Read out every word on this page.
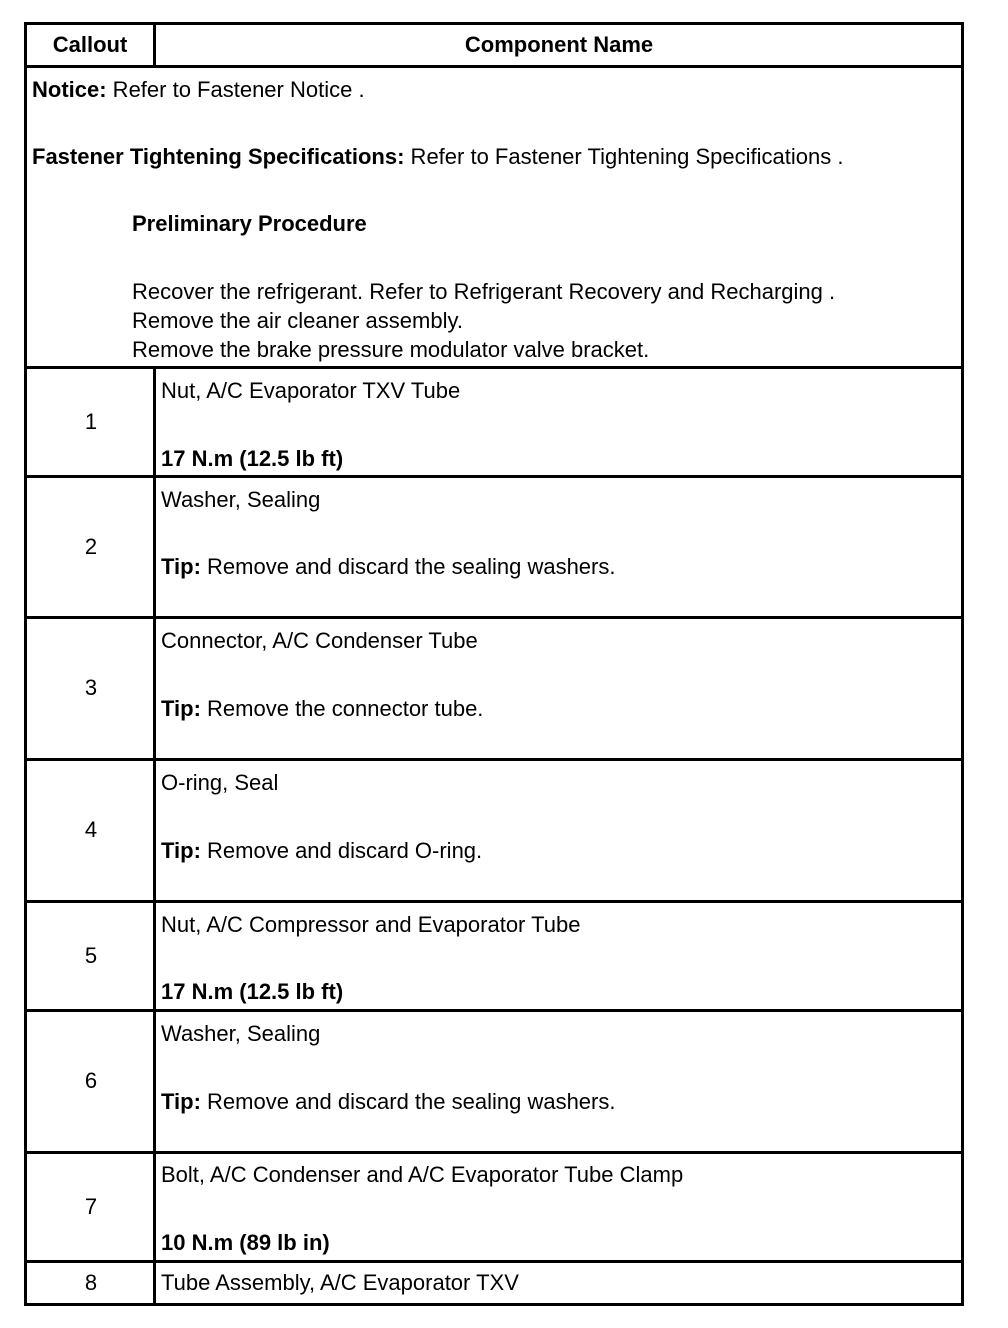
Callout	Component Name
Notice: Refer to Fastener Notice .
Fastener Tightening Specifications: Refer to Fastener Tightening Specifications .
Preliminary Procedure
Recover the refrigerant. Refer to Refrigerant Recovery and Recharging .
Remove the air cleaner assembly.
Remove the brake pressure modulator valve bracket.
1
Nut, A/C Evaporator TXV Tube
17 N.m (12.5 lb ft)
2
Washer, Sealing
Tip: Remove and discard the sealing washers.
3
Connector, A/C Condenser Tube
Tip: Remove the connector tube.
4
O-ring, Seal
Tip: Remove and discard O-ring.
5
Nut, A/C Compressor and Evaporator Tube
17 N.m (12.5 lb ft)
6
Washer, Sealing
Tip: Remove and discard the sealing washers.
7
Bolt, A/C Condenser and A/C Evaporator Tube Clamp
10 N.m (89 lb in)
8	Tube Assembly, A/C Evaporator TXV
